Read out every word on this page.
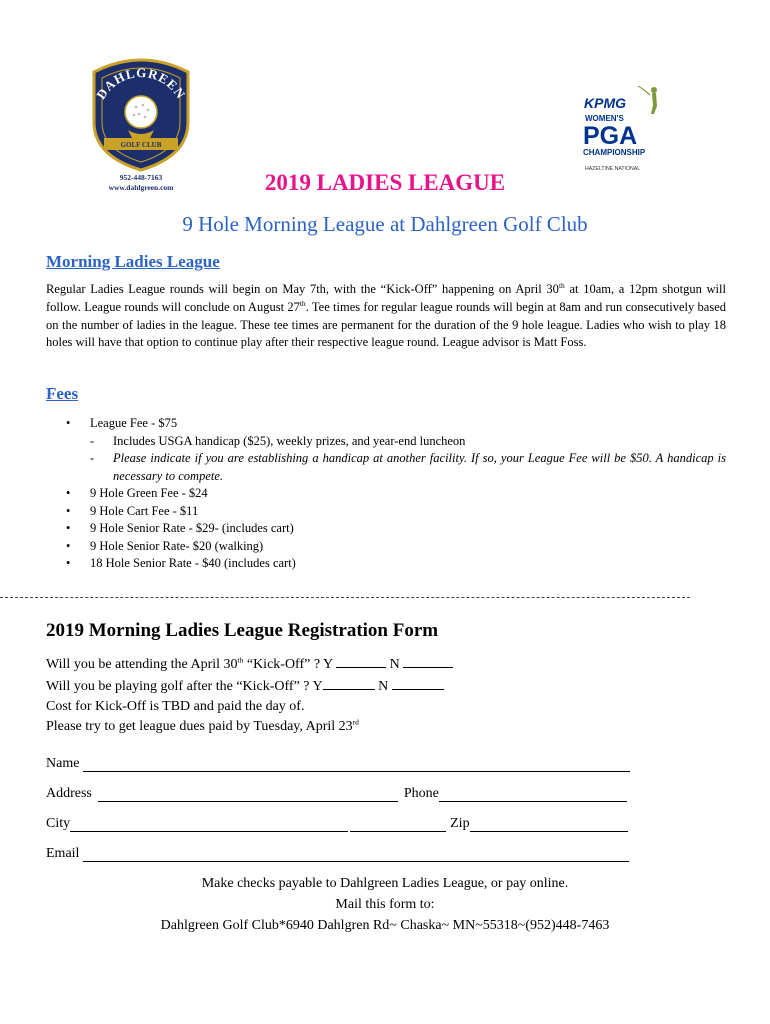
DAHLGREEN
GOLF CLUB
952-448-7163
www.dahlgreen.com
KPMG
WOMEN'S
PGA
CHAMPIONSHIP
HAZELTINE NATIONAL
2019 LADIES LEAGUE
9 Hole Morning League at Dahlgreen Golf Club
Morning Ladies League
Regular Ladies League rounds will begin on May 7th, with the “Kick-Off” happening on April 30th at 10am, a 12pm shotgun will follow. League rounds will conclude on August 27th. Tee times for regular league rounds will begin at 8am and run consecutively based on the number of ladies in the league. These tee times are permanent for the duration of the 9 hole league. Ladies who wish to play 18 holes will have that option to continue play after their respective league round. League advisor is Matt Foss.
Fees
• League Fee - $75
- Includes USGA handicap ($25), weekly prizes, and year-end luncheon
- Please indicate if you are establishing a handicap at another facility. If so, your League Fee will be $50. A handicap is necessary to compete.
• 9 Hole Green Fee - $24
• 9 Hole Cart Fee - $11
• 9 Hole Senior Rate - $29- (includes cart)
• 9 Hole Senior Rate- $20 (walking)
• 18 Hole Senior Rate - $40 (includes cart)
2019 Morning Ladies League Registration Form
Will you be attending the April 30th “Kick-Off” ? Y	N
Will you be playing golf after the “Kick-Off” ? Y	N
Cost for Kick-Off is TBD and paid the day of.
Please try to get league dues paid by Tuesday, April 23rd
Name
Address	Phone
City	Zip
Email
Make checks payable to Dahlgreen Ladies League, or pay online.
Mail this form to:
Dahlgreen Golf Club*6940 Dahlgren Rd~ Chaska~ MN~55318~(952)448-7463
